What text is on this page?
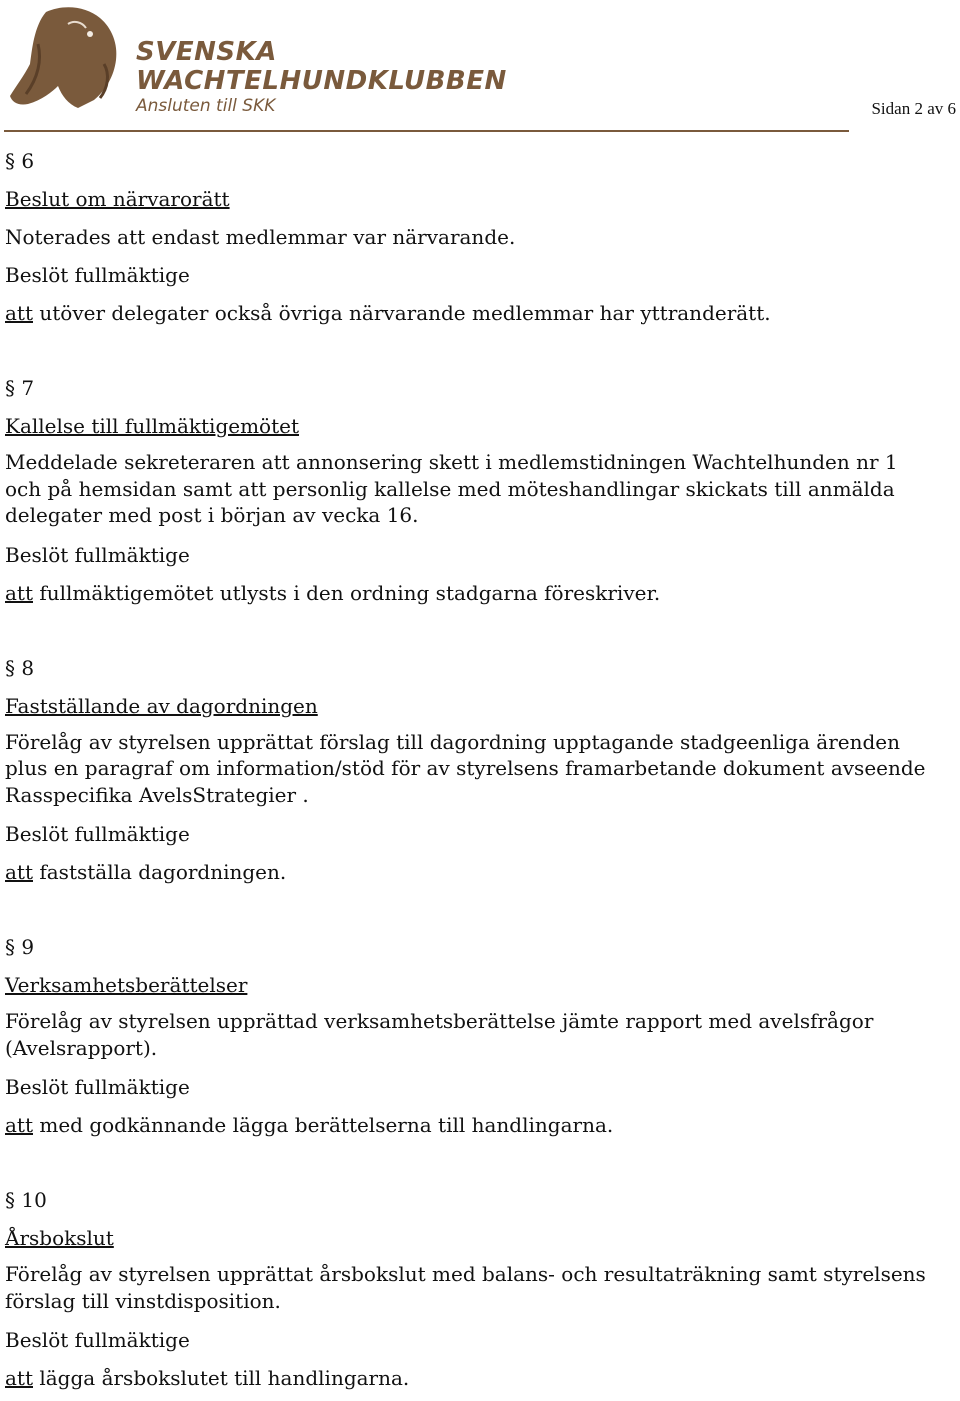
SVENSKA
WACHTELHUNDKLUBBEN
Ansluten till SKK	Sidan 2 av 6
§ 6
Beslut om närvarorätt
Noterades att endast medlemmar var närvarande.
Beslöt fullmäktige
att utöver delegater också övriga närvarande medlemmar har yttranderätt.
§ 7
Kallelse till fullmäktigemötet
Meddelade sekreteraren att annonsering skett i medlemstidningen Wachtelhunden nr 1 och på hemsidan samt att personlig kallelse med möteshandlingar skickats till anmälda delegater med post i början av vecka 16.
Beslöt fullmäktige
att fullmäktigemötet utlysts i den ordning stadgarna föreskriver.
§ 8
Fastställande av dagordningen
Förelåg av styrelsen upprättat förslag till dagordning upptagande stadgeenliga ärenden plus en paragraf om information/stöd för av styrelsens framarbetande dokument avseende Rasspecifika AvelsStrategier .
Beslöt fullmäktige
att fastställa dagordningen.
§ 9
Verksamhetsberättelser
Förelåg av styrelsen upprättad verksamhetsberättelse jämte rapport med avelsfrågor (Avelsrapport).
Beslöt fullmäktige
att med godkännande lägga berättelserna till handlingarna.
§ 10
Årsbokslut
Förelåg av styrelsen upprättat årsbokslut med balans- och resultaträkning samt styrelsens förslag till vinstdisposition.
Beslöt fullmäktige
att lägga årsbokslutet till handlingarna.
